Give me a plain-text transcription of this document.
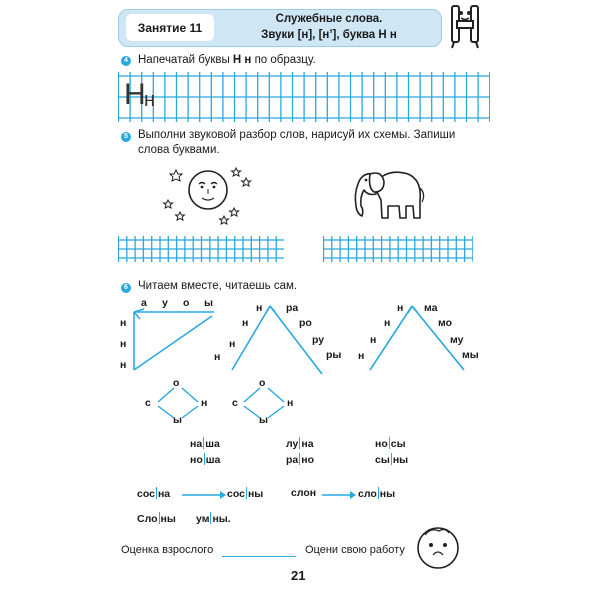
Занятие 11
Служебные слова.
Звуки [н], [н’], буква Н н
4 Напечатай буквы Н н по образцу.
Н
н
5 Выполни звуковой разбор слов, нарисуй их схемы. Запиши
слова буквами.
6 Читаем вместе, читаешь сам.
а у о ы
н
н
н
н
н
н
н
ра
ро
ру
ры
н
н
н
н
ма
мо
му
мы
о
с	н
ы
о
с	н
ы
на ша
но ша
лу на
ра но
но сы
сы ны
сос на	сос ны	слон	сло ны
Сло ны ум ны.
Оценка взрослого	Оцени свою работу
21
